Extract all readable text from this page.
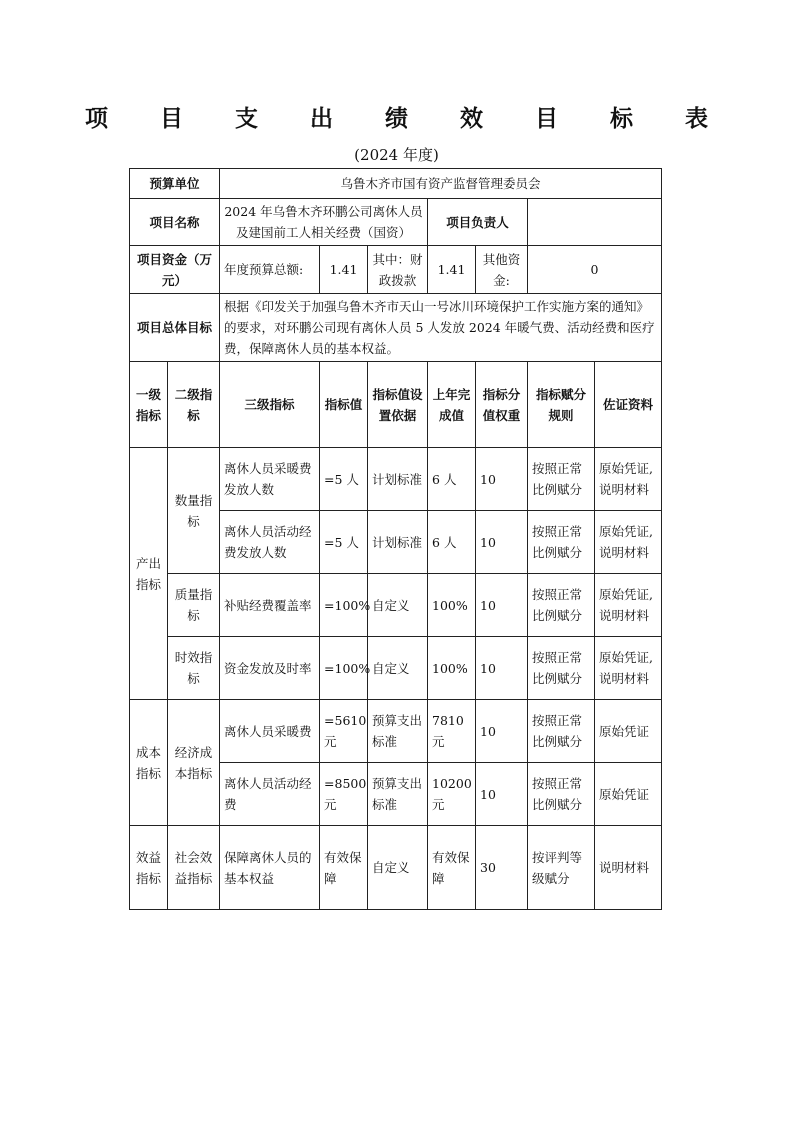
项 目 支 出 绩 效 目 标 表
(2024 年度)
预算单位		乌鲁木齐市国有资产监督管理委员会						
项目名称		2024 年乌鲁木齐环鹏公司离休人员及建国前工人相关经费（国资）			项目负责人			
项目资金（万元）		年度预算总额:	1.41	其中：财政拨款	1.41	其他资金:	0	
项目总体目标		根据《印发关于加强乌鲁木齐市天山一号冰川环境保护工作实施方案的通知》的要求，对环鹏公司现有离休人员 5 人发放 2024 年暖气费、活动经费和医疗费，保障离休人员的基本权益。						
一级指标	二级指标	三级指标	指标值	指标值设置依据	上年完成值	指标分值权重	指标赋分规则	佐证资料
产出指标	数量指标	离休人员采暖费发放人数	=5 人	计划标准	6 人	10	按照正常比例赋分	原始凭证,说明材料
		离休人员活动经费发放人数	=5 人	计划标准	6 人	10	按照正常比例赋分	原始凭证,说明材料
	质量指标	补贴经费覆盖率	=100%	自定义	100%	10	按照正常比例赋分	原始凭证,说明材料
	时效指标	资金发放及时率	=100%	自定义	100%	10	按照正常比例赋分	原始凭证,说明材料
成本指标	经济成本指标	离休人员采暖费	=5610 元	预算支出标准	7810 元	10	按照正常比例赋分	原始凭证
		离休人员活动经费	=8500 元	预算支出标准	10200 元	10	按照正常比例赋分	原始凭证
效益指标	社会效益指标	保障离休人员的基本权益	有效保障	自定义	有效保障	30	按评判等级赋分	说明材料
